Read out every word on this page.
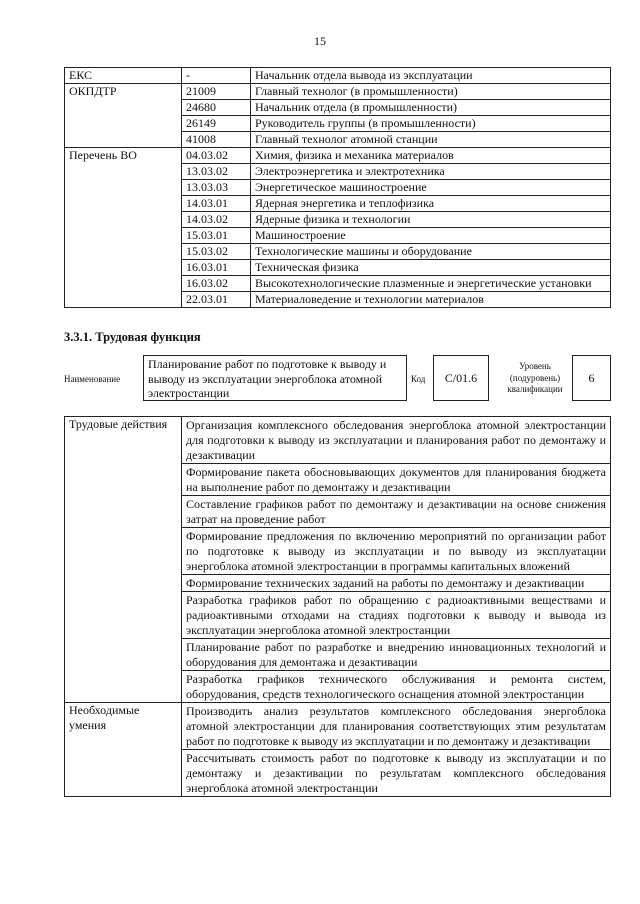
15
ЕКС	-	Начальник отдела вывода из эксплуатации
ОКПДТР	21009	Главный технолог (в промышленности)
	24680	Начальник отдела (в промышленности)
	26149	Руководитель группы (в промышленности)
	41008	Главный технолог атомной станции
Перечень ВО	04.03.02	Химия, физика и механика материалов
	13.03.02	Электроэнергетика и электротехника
	13.03.03	Энергетическое машиностроение
	14.03.01	Ядерная энергетика и теплофизика
	14.03.02	Ядерные физика и технологии
	15.03.01	Машиностроение
	15.03.02	Технологические машины и оборудование
	16.03.01	Техническая физика
	16.03.02	Высокотехнологические плазменные и энергетические установки
	22.03.01	Материаловедение и технологии материалов
3.3.1. Трудовая функция
Наименование
Планирование работ по подготовке к выводу и выводу из эксплуатации энергоблока атомной электростанции
Код	C/01.6
Уровень (подуровень) квалификации
6
Трудовые действия	Организация комплексного обследования энергоблока атомной электростанции для подготовки к выводу из эксплуатации и планирования работ по демонтажу и дезактивации
	Формирование пакета обосновывающих документов для планирования бюджета на выполнение работ по демонтажу и дезактивации
	Составление графиков работ по демонтажу и дезактивации на основе снижения затрат на проведение работ
	Формирование предложения по включению мероприятий по организации работ по подготовке к выводу из эксплуатации и по выводу из эксплуатации энергоблока атомной электростанции в программы капитальных вложений
	Формирование технических заданий на работы по демонтажу и дезактивации
	Разработка графиков работ по обращению с радиоактивными веществами и радиоактивными отходами на стадиях подготовки к выводу и вывода из эксплуатации энергоблока атомной электростанции
	Планирование работ по разработке и внедрению инновационных технологий и оборудования для демонтажа и дезактивации
	Разработка графиков технического обслуживания и ремонта систем, оборудования, средств технологического оснащения атомной электростанции
Необходимые умения	Производить анализ результатов комплексного обследования энергоблока атомной электростанции для планирования соответствующих этим результатам работ по подготовке к выводу из эксплуатации и по демонтажу и дезактивации
	Рассчитывать стоимость работ по подготовке к выводу из эксплуатации и по демонтажу и дезактивации по результатам комплексного обследования энергоблока атомной электростанции
